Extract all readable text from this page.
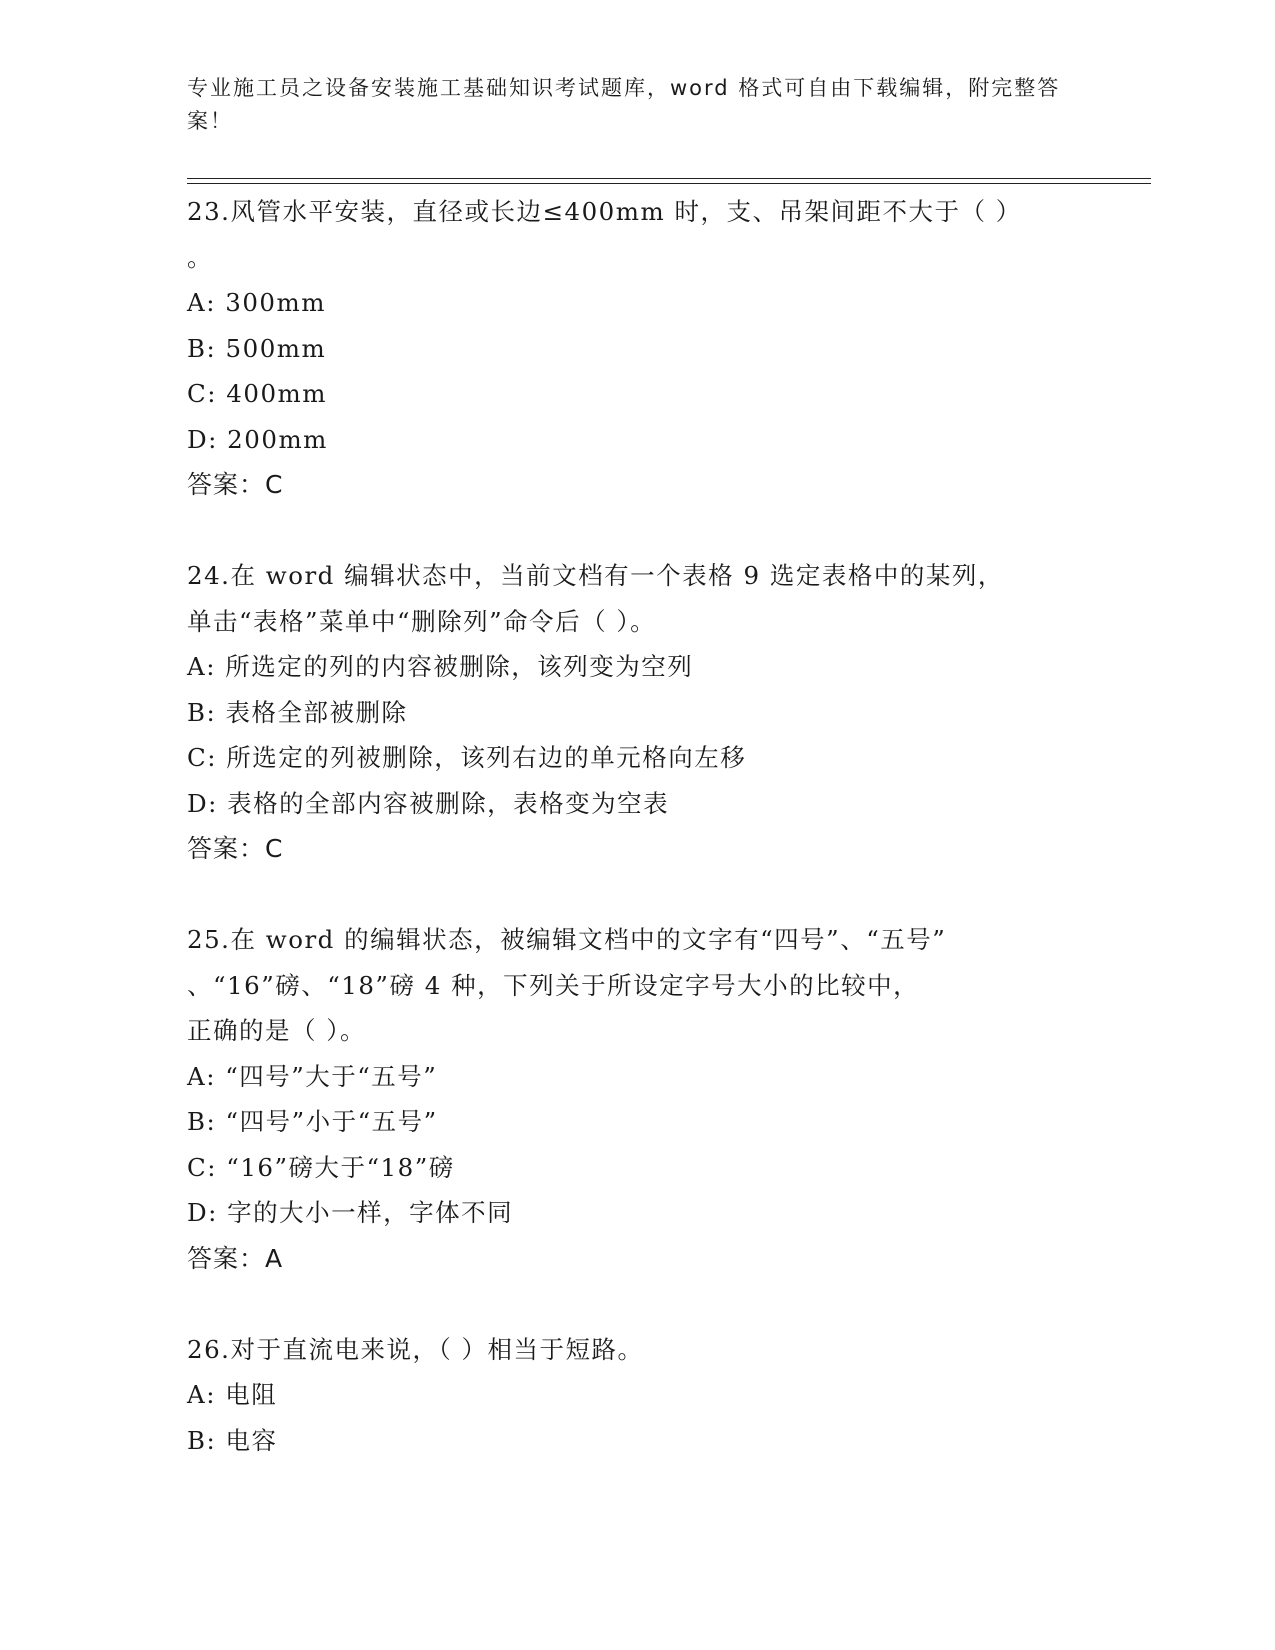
专业施工员之设备安装施工基础知识考试题库，word 格式可自由下载编辑，附完整答案！
23.风管水平安装，直径或长边≤400mm 时，支、吊架间距不大于（ ）
。
A: 300mm
B: 500mm
C: 400mm
D: 200mm
答案：C
24.在 word 编辑状态中，当前文档有一个表格 9 选定表格中的某列，
单击“表格”菜单中“删除列”命令后（ ）。
A: 所选定的列的内容被删除，该列变为空列
B: 表格全部被删除
C: 所选定的列被删除，该列右边的单元格向左移
D: 表格的全部内容被删除，表格变为空表
答案：C
25.在 word 的编辑状态，被编辑文档中的文字有“四号”、“五号”
、“16”磅、“18”磅 4 种，下列关于所设定字号大小的比较中，
正确的是（ ）。
A: “四号”大于“五号”
B: “四号”小于“五号”
C: “16”磅大于“18”磅
D: 字的大小一样，字体不同
答案：A
26.对于直流电来说，（ ）相当于短路。
A: 电阻
B: 电容
